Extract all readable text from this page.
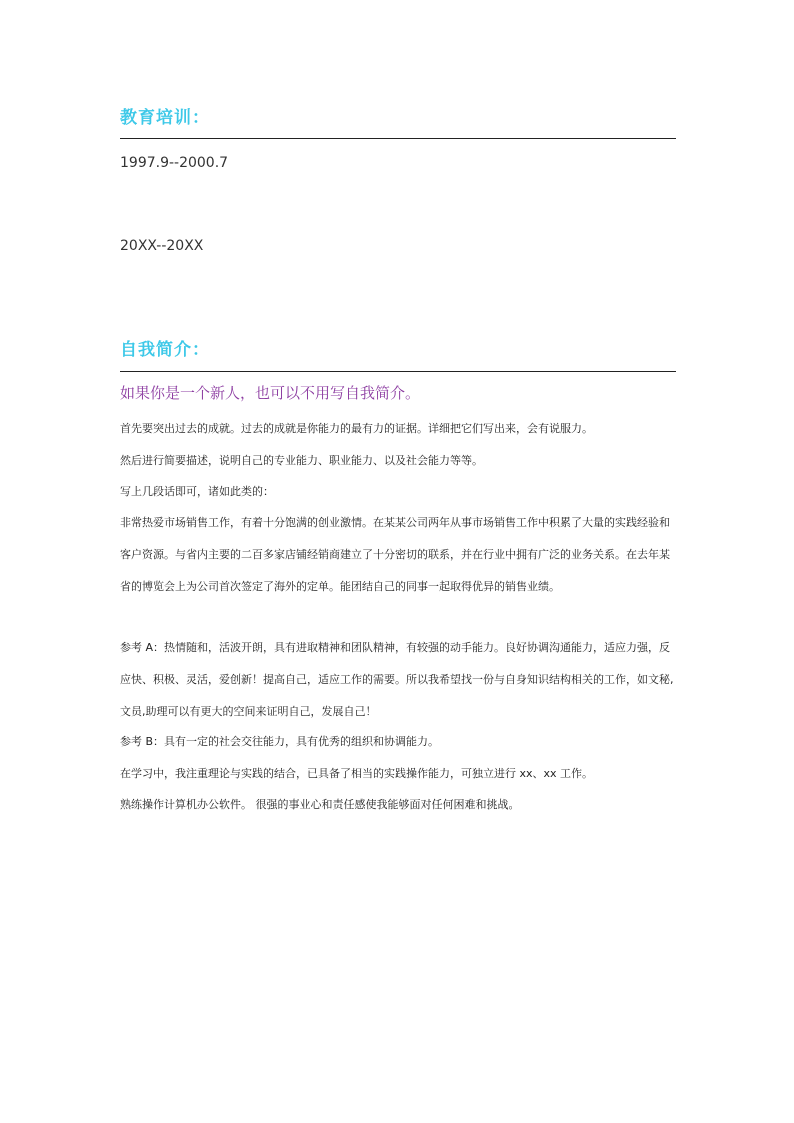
教育培训：
1997.9--2000.7
20XX--20XX
自我简介：
如果你是一个新人，也可以不用写自我简介。

首先要突出过去的成就。过去的成就是你能力的最有力的证据。详细把它们写出来，会有说服力。

然后进行简要描述，说明自己的专业能力、职业能力、以及社会能力等等。

写上几段话即可，诸如此类的：

非常热爱市场销售工作，有着十分饱满的创业激情。在某某公司两年从事市场销售工作中积累了大量的实践经验和客户资源。与省内主要的二百多家店铺经销商建立了十分密切的联系，并在行业中拥有广泛的业务关系。在去年某省的博览会上为公司首次签定了海外的定单。能团结自己的同事一起取得优异的销售业绩。

参考 A：热情随和，活波开朗，具有进取精神和团队精神，有较强的动手能力。良好协调沟通能力，适应力强，反应快、积极、灵活，爱创新！提高自己，适应工作的需要。所以我希望找一份与自身知识结构相关的工作，如文秘,文员,助理可以有更大的空间来证明自己，发展自己！

参考 B：具有一定的社会交往能力，具有优秀的组织和协调能力。

在学习中，我注重理论与实践的结合，已具备了相当的实践操作能力，可独立进行 xx、xx 工作。

熟练操作计算机办公软件。 很强的事业心和责任感使我能够面对任何困难和挑战。
